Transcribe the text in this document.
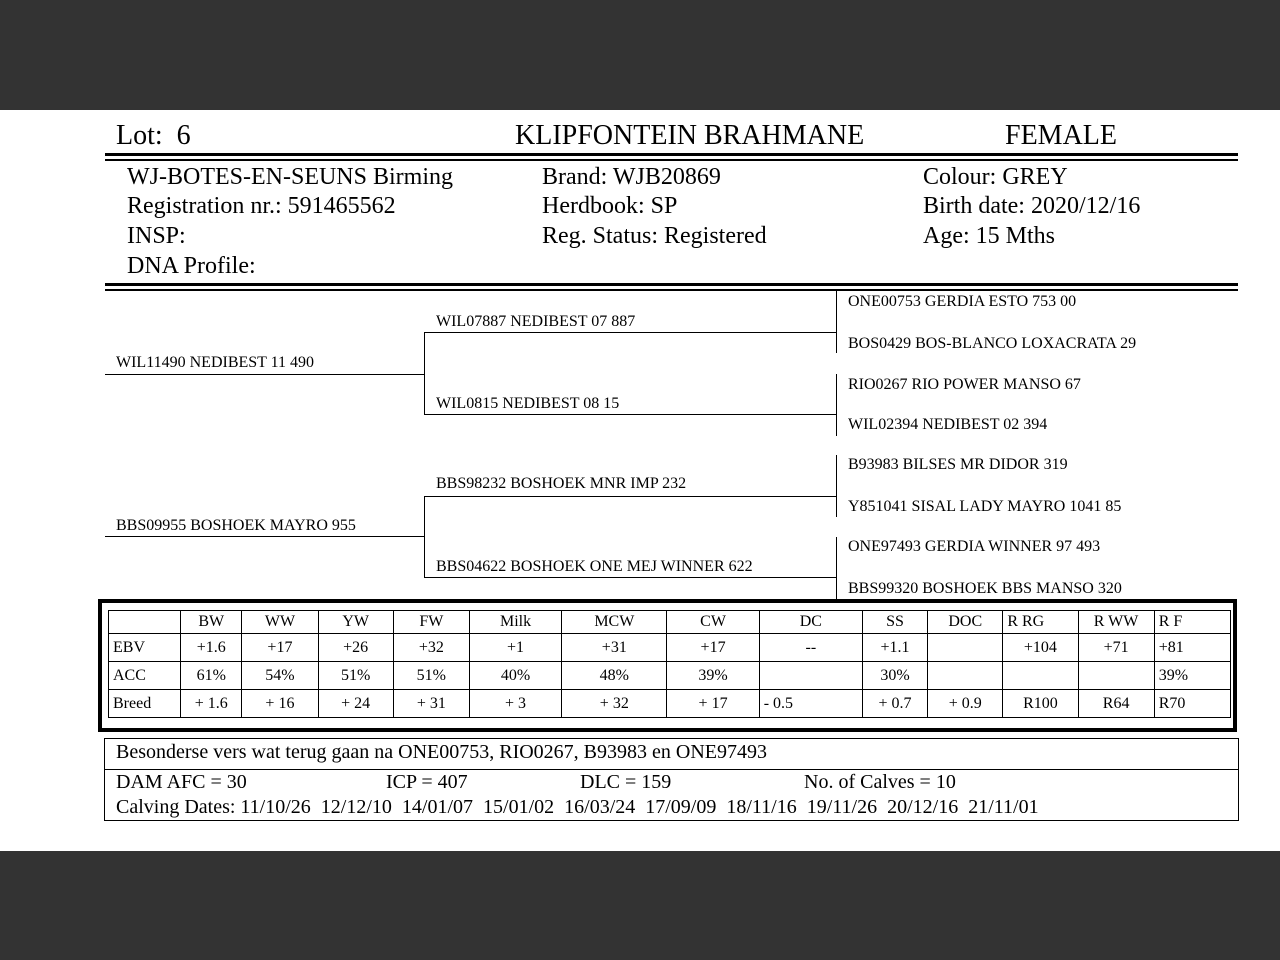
Lot: 6	KLIPFONTEIN BRAHMANE	FEMALE
WJ-BOTES-EN-SEUNS Birming
Registration nr.: 591465562
INSP:
DNA Profile:
Brand: WJB20869
Herdbook: SP
Reg. Status: Registered
Colour: GREY
Birth date: 2020/12/16
Age: 15 Mths
WIL11490 NEDIBEST 11 490
BBS09955 BOSHOEK MAYRO 955
WIL07887 NEDIBEST 07 887
WIL0815 NEDIBEST 08 15
BBS98232 BOSHOEK MNR IMP 232
BBS04622 BOSHOEK ONE MEJ WINNER 622
ONE00753 GERDIA ESTO 753 00
BOS0429 BOS-BLANCO LOXACRATA 29
RIO0267 RIO POWER MANSO 67
WIL02394 NEDIBEST 02 394
B93983 BILSES MR DIDOR 319
Y851041 SISAL LADY MAYRO 1041 85
ONE97493 GERDIA WINNER 97 493
BBS99320 BOSHOEK BBS MANSO 320
	BW	WW	YW	FW	Milk	MCW	CW	DC	SS	DOC	R RG	R WW	R F
EBV	+1.6	+17	+26	+32	+1	+31	+17	--	+1.1		+104	+71	+81
ACC	61%	54%	51%	51%	40%	48%	39%		30%				39%
Breed	+ 1.6	+ 16	+ 24	+ 31	+ 3	+ 32	+ 17	- 0.5	+ 0.7	+ 0.9	R100	R64	R70
Besonderse vers wat terug gaan na ONE00753, RIO0267, B93983 en ONE97493
DAM AFC = 30	ICP = 407	DLC = 159	No. of Calves = 10
Calving Dates: 11/10/26  12/12/10  14/01/07  15/01/02  16/03/24  17/09/09  18/11/16  19/11/26  20/12/16  21/11/01
